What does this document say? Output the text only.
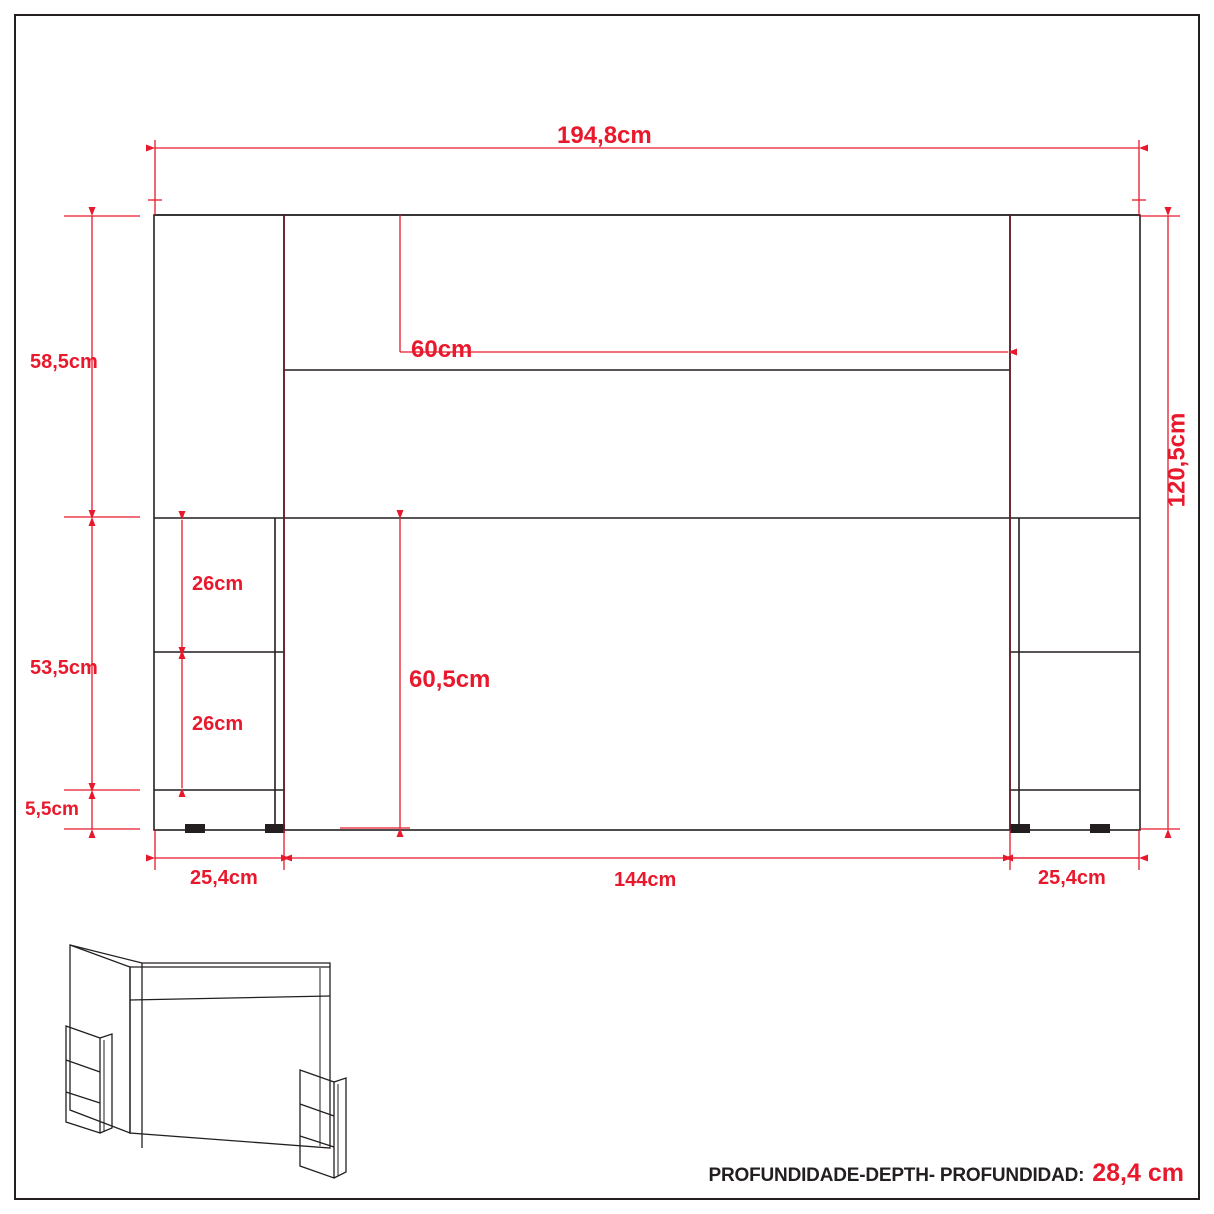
194,8cm
120,5cm
58,5cm
53,5cm
5,5cm
60cm
60,5cm
26cm
26cm
25,4cm	144cm	25,4cm
PROFUNDIDADE-DEPTH- PROFUNDIDAD: 28,4 cm
